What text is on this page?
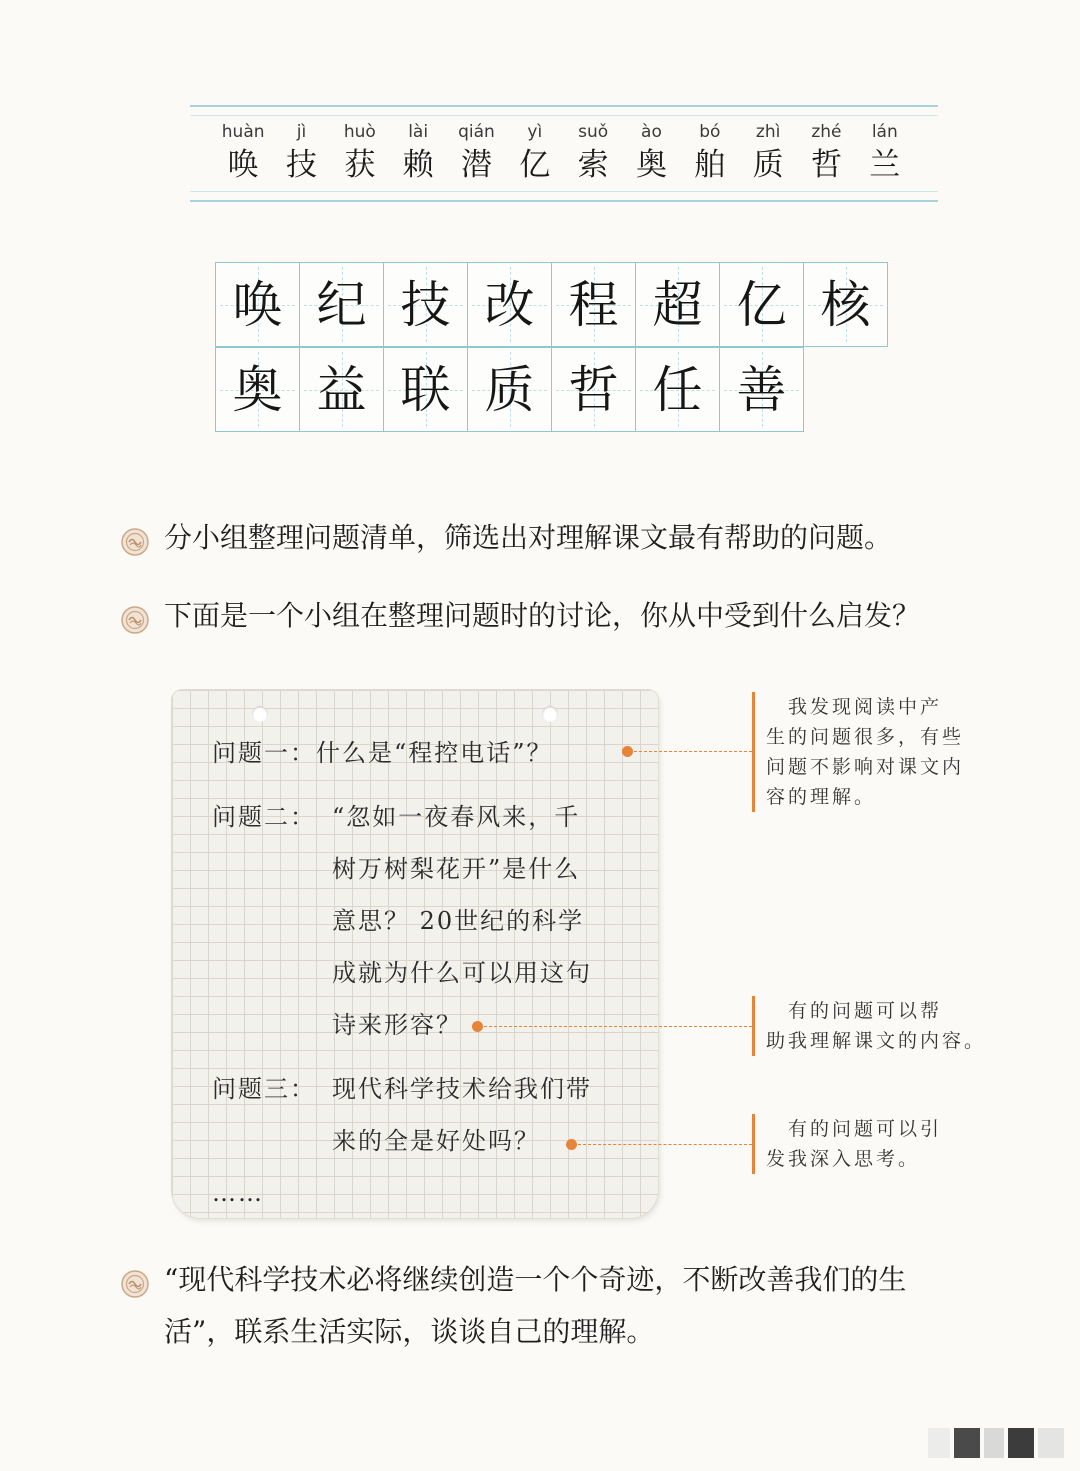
huàn
唤
jì
技
huò
获
lài
赖
qián
潜
yì
亿
suǒ
索
ào
奥
bó
舶
zhì
质
zhé
哲
lán
兰
唤 纪 技 改 程 超 亿 核
奥 益 联 质 哲 任 善
分小组整理问题清单，筛选出对理解课文最有帮助的问题。
下面是一个小组在整理问题时的讨论，你从中受到什么启发？
问题一：什么是“程控电话”？
问题二： “忽如一夜春风来，千
树万树梨花开”是什么
意思？ 20世纪的科学
成就为什么可以用这句
诗来形容？
问题三： 现代科学技术给我们带
来的全是好处吗？
……
　我发现阅读中产
生的问题很多，有些
问题不影响对课文内
容的理解。
　有的问题可以帮
助我理解课文的内容。
　有的问题可以引
发我深入思考。
“现代科学技术必将继续创造一个个奇迹，不断改善我们的生
活”，联系生活实际，谈谈自己的理解。
